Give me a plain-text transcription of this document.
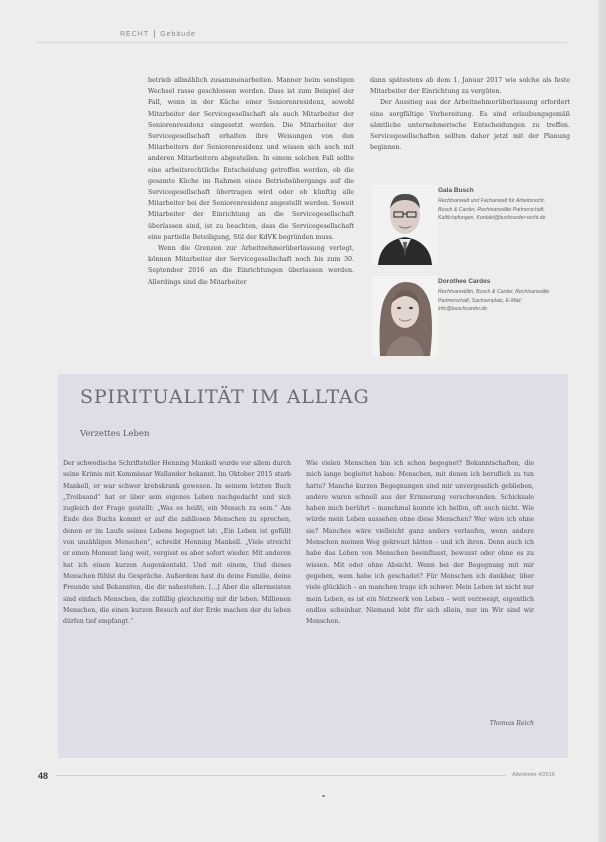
RECHT Gebäude

betrieb allmählich zusammenarbeiten. Manner beim sonstigen Wechsel rasse geschlossen werden. Dass ist zum Beispiel der Fall, wenn in der Küche einer Seniorenresidenz, sowohl Mitarbeiter der Servicegesellschaft als auch Mitarbeiter der Seniorenresidenz eingesetzt werden. Die Mitarbeiter der Servicegesellschaft erhalten ihre Weisungen von den Mitarbeitern der Seniorenresidenz und wissen sich auch mit anderen Mitarbeitern abgestellen. In einem solchen Fall sollte eine arbeitsrechtliche Entscheidung getroffen werden, ob die gesamte Küche im Rahmen eines Betriebsübergangs auf die Servicegesellschaft übertragen wird oder ob künftig alle Mitarbeiter bei der Seniorenresidenz angestellt werden. Soweit Mitarbeiter der Einrichtung an die Servicegesellschaft überlassen sind, ist zu beachten, dass die Servicegesellschaft eine partielle Beteiligung, Stil der KdVK begründen muss.

Wenn die Grenzen zur Arbeitnehmerüberlassung verlegt, können Mitarbeiter der Servicegesellschaft noch bis zum 30. September 2016 an die Einrichtungen überlassen werden. Allerdings sind die Mitarbeiter

dann spätestens ab dem 1. Januar 2017 wie solche als feste Mitarbeiter der Einrichtung zu vergüten.

Der Ausstieg aus der Arbeitnehmerüberlassung erfordert eine sorgfältige Vorbereitung. Es sind erlaubungsgemäß sämtliche unternehmerische Entscheidungen zu treffen. Servicegesellschaften sollten daher jetzt mit der Planung beginnen.

Gala Busch
Rechtsanwalt und Fachanwalt für Arbeitsrecht, Busch & Carder, Rechtsanwälte Partnerschaft, Kaltlichpfungen, Kontakt@bushcarder-recht.de
Dorothee Cardes
Rechtsanwältin, Busch & Carder, Rechtsanwälte Partnerschaft, Sachsenplatz, E-Mail: info@buschcarder.de
SPIRITUALITÄT IM ALLTAG
Verzettes Leben
Der schwedische Schriftsteller Henning Mankell wurde vor allem durch seine Krimis mit Kommissar Wallander bekannt. Im Oktober 2015 starb Mankell, er war schwer krebskrank gewesen. In seinem letzten Buch „Treibsand“ hat er über sein eigenes Leben nachgedacht und sich zugleich der Frage gestellt: „Was es heißt, ein Mensch zu sein.“ Am Ende des Buchs kommt er auf die zahllosen Menschen zu sprechen, denen er im Laufe seines Lebens begegnet ist: „Ein Leben ist gefüllt von unzähligen Menschen“, schreibt Henning Mankell. „Viele streicht er einen Moment lang weit, vergisst es aber sofort wieder. Mit anderen hat ich einen kurzen Augenkontakt. Und mit einem, Und dieses Menschen fühlst du Gespräche. Außerdem hast du deine Familie, deine Freunde und Bekannten, die dir nahestehen. [...] Aber die allermeisten sind einfach Menschen, die zufällig gleichzeitig mit dir leben. Millionen Menschen, die einen kurzen Besuch auf der Erde machen der du leben dürfen tief empfangt.“
Wie vielen Menschen bin ich schon begegnet? Bekanntschaften, die mich lange begleitet haben: Menschen, mit denen ich beruflich zu tun hatte? Manche kurzen Begegnungen sind mir unvergesslich geblieben, andere waren schnell aus der Erinnerung verschwunden. Schicksale haben mich berührt – manchmal konnte ich helfen, oft auch nicht. Wie würde mein Leben aussehen ohne diese Menschen? Wer wäre ich ohne sie? Manches wäre vielleicht ganz anders verlaufen, wenn andere Menschen meinen Weg gekreuzt hätten – und ich ihren. Denn auch ich habe das Leben von Menschen beeinflusst, bewusst oder ohne es zu wissen. Mit oder ohne Absicht. Wenn bei der Begegnung mit mir gegeben, wem habe ich geschadet? Für Menschen ich dankbar, über viele glücklich – an manchen trage ich schwer. Mein Leben ist nicht nur mein Leben, es ist ein Netzwerk von Leben – weit verzweigt, eigentlich endlos scheinbar. Niemand lebt für sich allein, nur im Wir sind wir Menschen.
Thomas Reich
48	Altenheim 4/2016
